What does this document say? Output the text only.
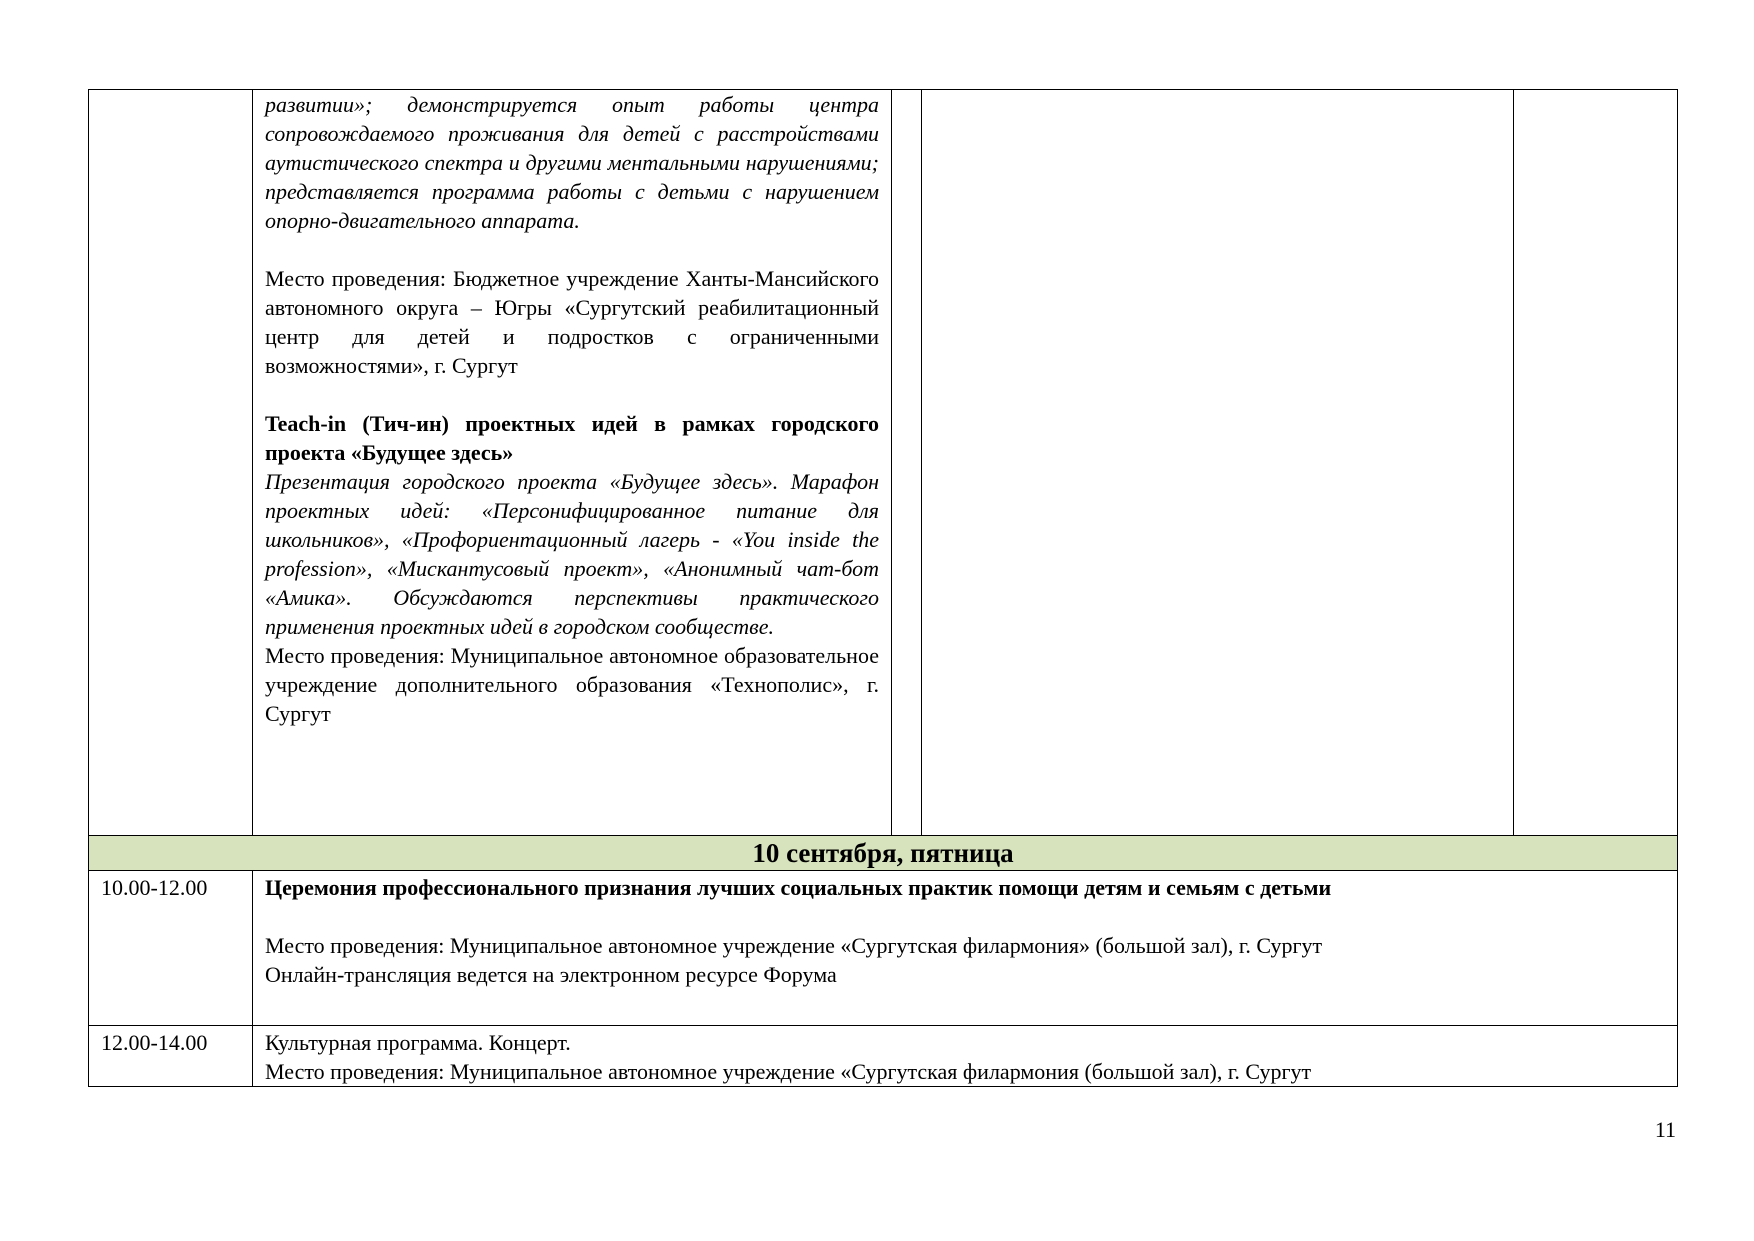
	развитии»; демонстрируется опыт работы центра сопровождаемого проживания для детей с расстройствами аутистического спектра и другими ментальными нарушениями; представляется программа работы с детьми с нарушением опорно-двигательного аппарата.

Место проведения: Бюджетное учреждение Ханты-Мансийского автономного округа – Югры «Сургутский реабилитационный центр для детей и подростков с ограниченными возможностями», г. Сургут

Teach-in (Тич-ин) проектных идей в рамках городского проекта «Будущее здесь»

Презентация городского проекта «Будущее здесь». Марафон проектных идей: «Персонифицированное питание для школьников», «Профориентационный лагерь - «You inside the profession», «Мискантусовый проект», «Анонимный чат-бот «Амика». Обсуждаются перспективы практического применения проектных идей в городском сообществе.

Место проведения: Муниципальное автономное образовательное учреждение дополнительного образования «Технополис», г. Сургут			

10 сентября, пятница				
10.00-12.00	Церемония профессионального признания лучших социальных практик помощи детям и семьям с детьми

Место проведения: Муниципальное автономное учреждение «Сургутская филармония» (большой зал), г. Сургут

Онлайн-трансляция ведется на электронном ресурсе Форума			

12.00-14.00	Культурная программа. Концерт.

Место проведения: Муниципальное автономное учреждение «Сургутская филармония (большой зал), г. Сургут			

11
